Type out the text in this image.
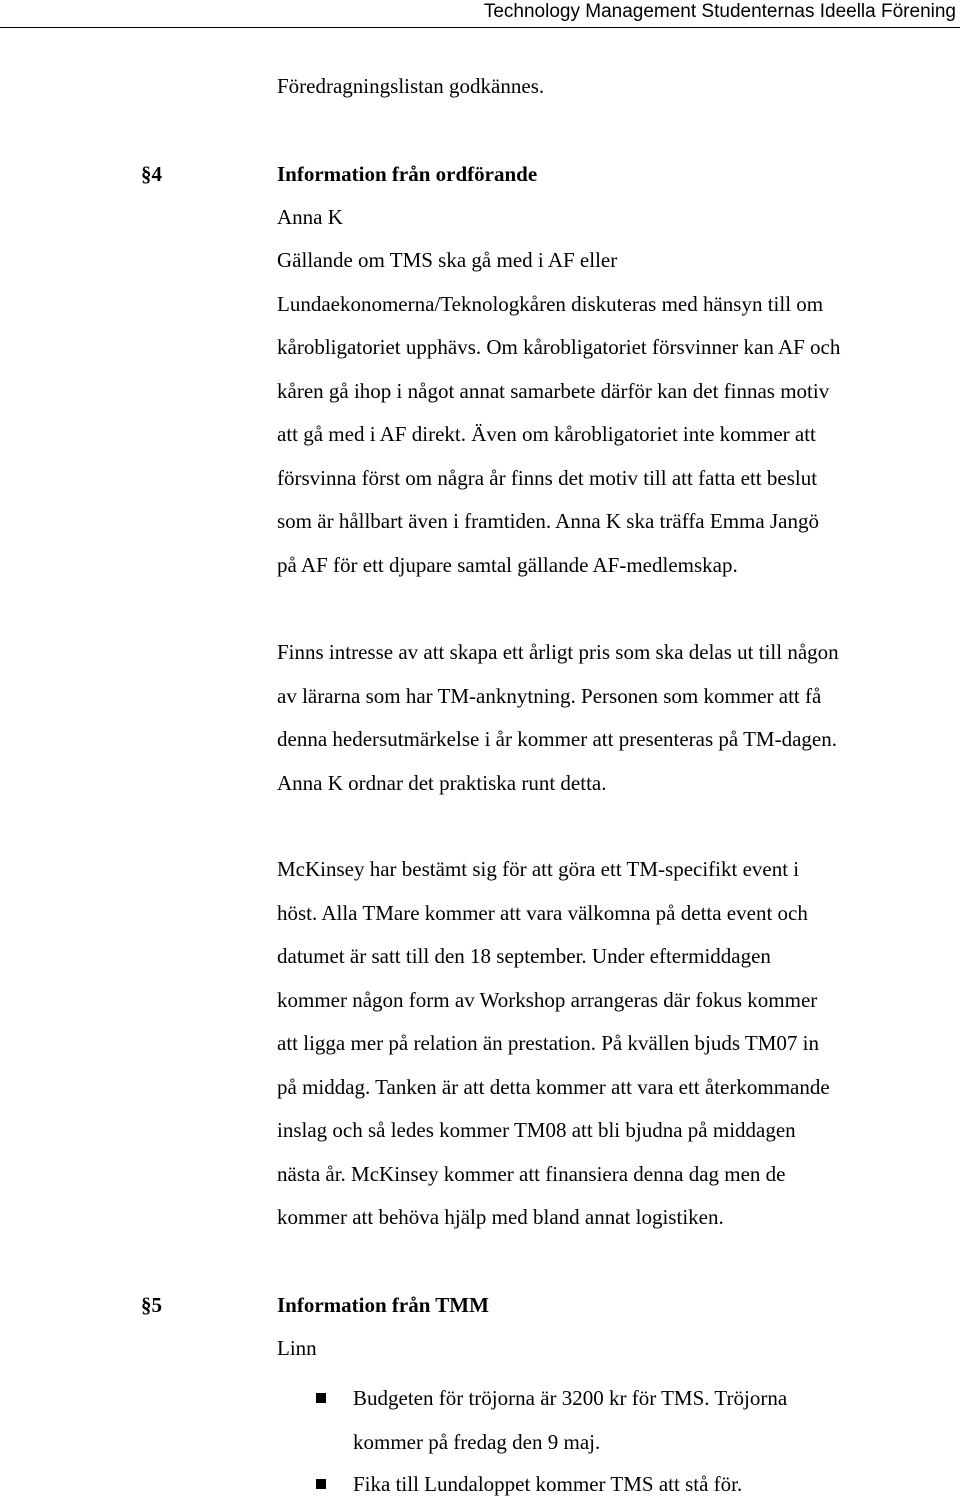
Technology Management Studenternas Ideella Förening
Föredragningslistan godkännes.
§4	Information från ordförande
Anna K

Gällande om TMS ska gå med i AF eller
Lundaekonomerna/Teknologkåren diskuteras med hänsyn till om
kårobligatoriet upphävs. Om kårobligatoriet försvinner kan AF och
kåren gå ihop i något annat samarbete därför kan det finnas motiv
att gå med i AF direkt. Även om kårobligatoriet inte kommer att
försvinna först om några år finns det motiv till att fatta ett beslut
som är hållbart även i framtiden. Anna K ska träffa Emma Jangö
på AF för ett djupare samtal gällande AF-medlemskap.

Finns intresse av att skapa ett årligt pris som ska delas ut till någon
av lärarna som har TM-anknytning. Personen som kommer att få
denna hedersutmärkelse i år kommer att presenteras på TM-dagen.
Anna K ordnar det praktiska runt detta.

McKinsey har bestämt sig för att göra ett TM-specifikt event i
höst. Alla TMare kommer att vara välkomna på detta event och
datumet är satt till den 18 september. Under eftermiddagen
kommer någon form av Workshop arrangeras där fokus kommer
att ligga mer på relation än prestation. På kvällen bjuds TM07 in
på middag. Tanken är att detta kommer att vara ett återkommande
inslag och så ledes kommer TM08 att bli bjudna på middagen
nästa år. McKinsey kommer att finansiera denna dag men de
kommer att behöva hjälp med bland annat logistiken.

§5	Information från TMM
Linn

Budgeten för tröjorna är 3200 kr för TMS. Tröjorna
kommer på fredag den 9 maj.

Fika till Lundaloppet kommer TMS att stå för.
